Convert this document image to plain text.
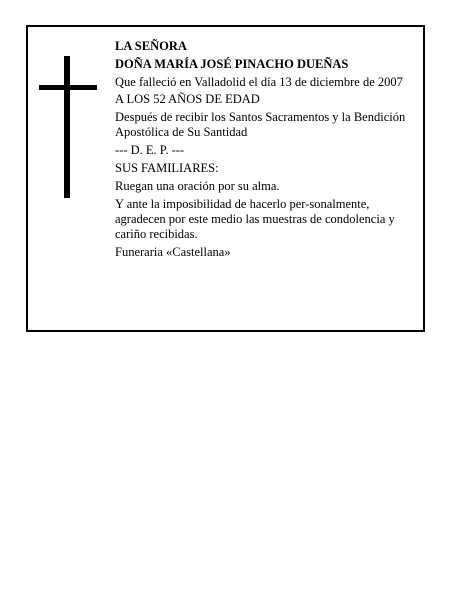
LA SEÑORA

DOÑA MARÍA JOSÉ PINACHO DUEÑAS

Que falleció en Valladolid el día 13 de diciembre de 2007

A LOS 52 AÑOS DE EDAD

Después de recibir los Santos Sacramentos y la Bendición Apostólica de Su Santidad

--- D. E. P. ---

SUS FAMILIARES:

Ruegan una oración por su alma.

Y ante la imposibilidad de hacerlo per-sonalmente, agradecen por este medio las muestras de condolencia y cariño recibidas.

Funeraria «Castellana»
